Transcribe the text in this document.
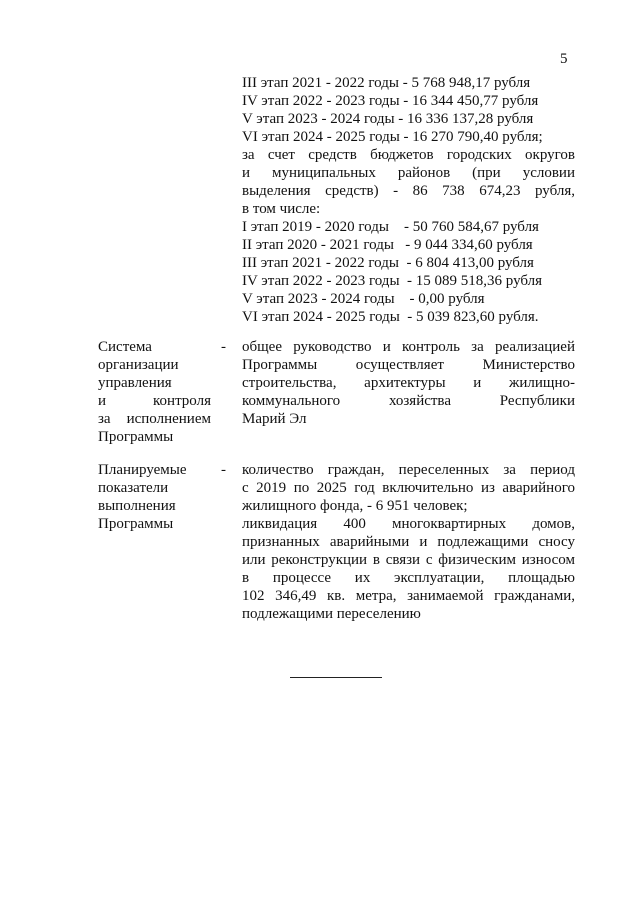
5
III этап 2021 - 2022 годы - 5 768 948,17 рубля
IV этап 2022 - 2023 годы - 16 344 450,77 рубля
V этап 2023 - 2024 годы - 16 336 137,28 рубля
VI этап 2024 - 2025 годы - 16 270 790,40 рубля;
за счет средств бюджетов городских округов
и муниципальных районов (при условии
выделения средств) - 86 738 674,23 рубля,
в том числе:
I этап 2019 - 2020 годы    - 50 760 584,67 рубля
II этап 2020 - 2021 годы   - 9 044 334,60 рубля
III этап 2021 - 2022 годы  - 6 804 413,00 рубля
IV этап 2022 - 2023 годы  - 15 089 518,36 рубля
V этап 2023 - 2024 годы    - 0,00 рубля
VI этап 2024 - 2025 годы  - 5 039 823,60 рубля.
Система
организации
управления
и контроля
за исполнением
Программы
-	общее руководство и контроль за реализацией
Программы осуществляет Министерство
строительства, архитектуры и жилищно-
коммунального хозяйства Республики
Марий Эл
Планируемые
показатели
выполнения
Программы
-	количество граждан, переселенных за период
с 2019 по 2025 год включительно из аварийного
жилищного фонда, - 6 951 человек;
ликвидация 400 многоквартирных домов,
признанных аварийными и подлежащими сносу
или реконструкции в связи с физическим износом
в процессе их эксплуатации, площадью
102 346,49 кв. метра, занимаемой гражданами,
подлежащими переселению
